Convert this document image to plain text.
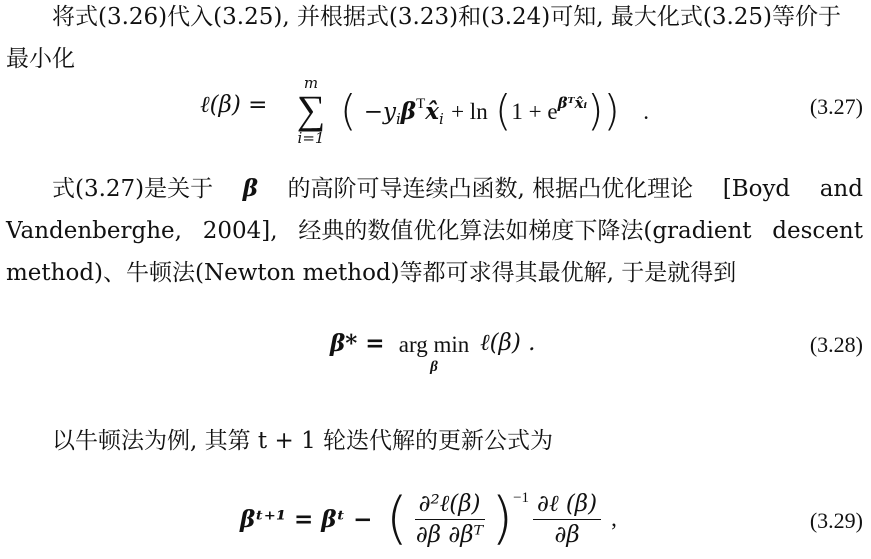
将式(3.26)代入(3.25), 并根据式(3.23)和(3.24)可知, 最大化式(3.25)等价于
最小化
ℓ(β) =
m
∑
i=1
( $-y_i\beta^Tx̂_i + \ln (1 + e^{\beta ᵀx̂ᵢ})$) .	(3.27)
式(3.27)是关于 β 的高阶可导连续凸函数, 根据凸优化理论 [Boyd and
Vandenberghe, 2004], 经典的数值优化算法如梯度下降法(gradient descent
method)、牛顿法(Newton method)等都可求得其最优解, 于是就得到
β* = arg min
β
ℓ(β) .	(3.28)
以牛顿法为例, 其第 t + 1 轮迭代解的更新公式为
βᵗ⁺¹ = βᵗ − ( $\frac{\text{∂²ℓ(β)}}{\text{∂β ∂βᵀ}}$ ) $-1 \frac{\text{∂ℓ (β)}}{\partial\beta}$ ,	(3.29)
